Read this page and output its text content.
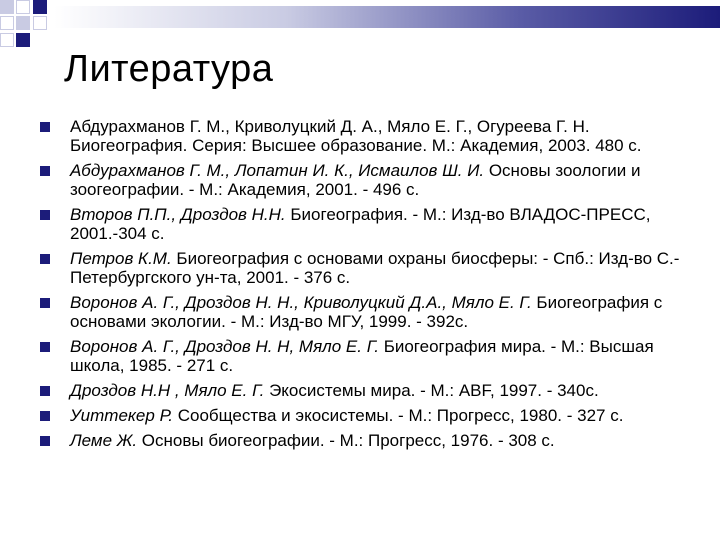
Литература
Абдурахманов Г. М., Криволуцкий Д. А., Мяло Е. Г., Огуреева Г. Н. Биогеография. Серия: Высшее образование. М.: Академия, 2003. 480 с.
Абдурахманов Г. М., Лопатин И. К., Исмаилов Ш. И. Основы зоологии и зоогеографии. - М.: Академия, 2001. - 496 с.
Второв П.П., Дроздов Н.Н. Биогеография. - М.: Изд-во ВЛАДОС-ПРЕСС, 2001.-304 с.
Петров К.М. Биогеография с основами охраны биосферы: - Спб.: Изд-во С.-Петербургского ун-та, 2001. - 376 с.
Воронов А. Г., Дроздов Н. Н., Криволуцкий Д.А., Мяло Е. Г. Биогеография с основами экологии. - М.: Изд-во МГУ, 1999. - 392с.
Воронов А. Г., Дроздов Н. Н, Мяло Е. Г. Биогеография мира. - М.: Высшая школа, 1985. - 271 с.
Дроздов Н.Н , Мяло Е. Г. Экосистемы мира. - М.: ABF, 1997. - 340с.
Уиттекер Р. Сообщества и экосистемы. - М.: Прогресс, 1980. - 327 с.
Леме Ж. Основы биогеографии. - М.: Прогресс, 1976. - 308 с.
